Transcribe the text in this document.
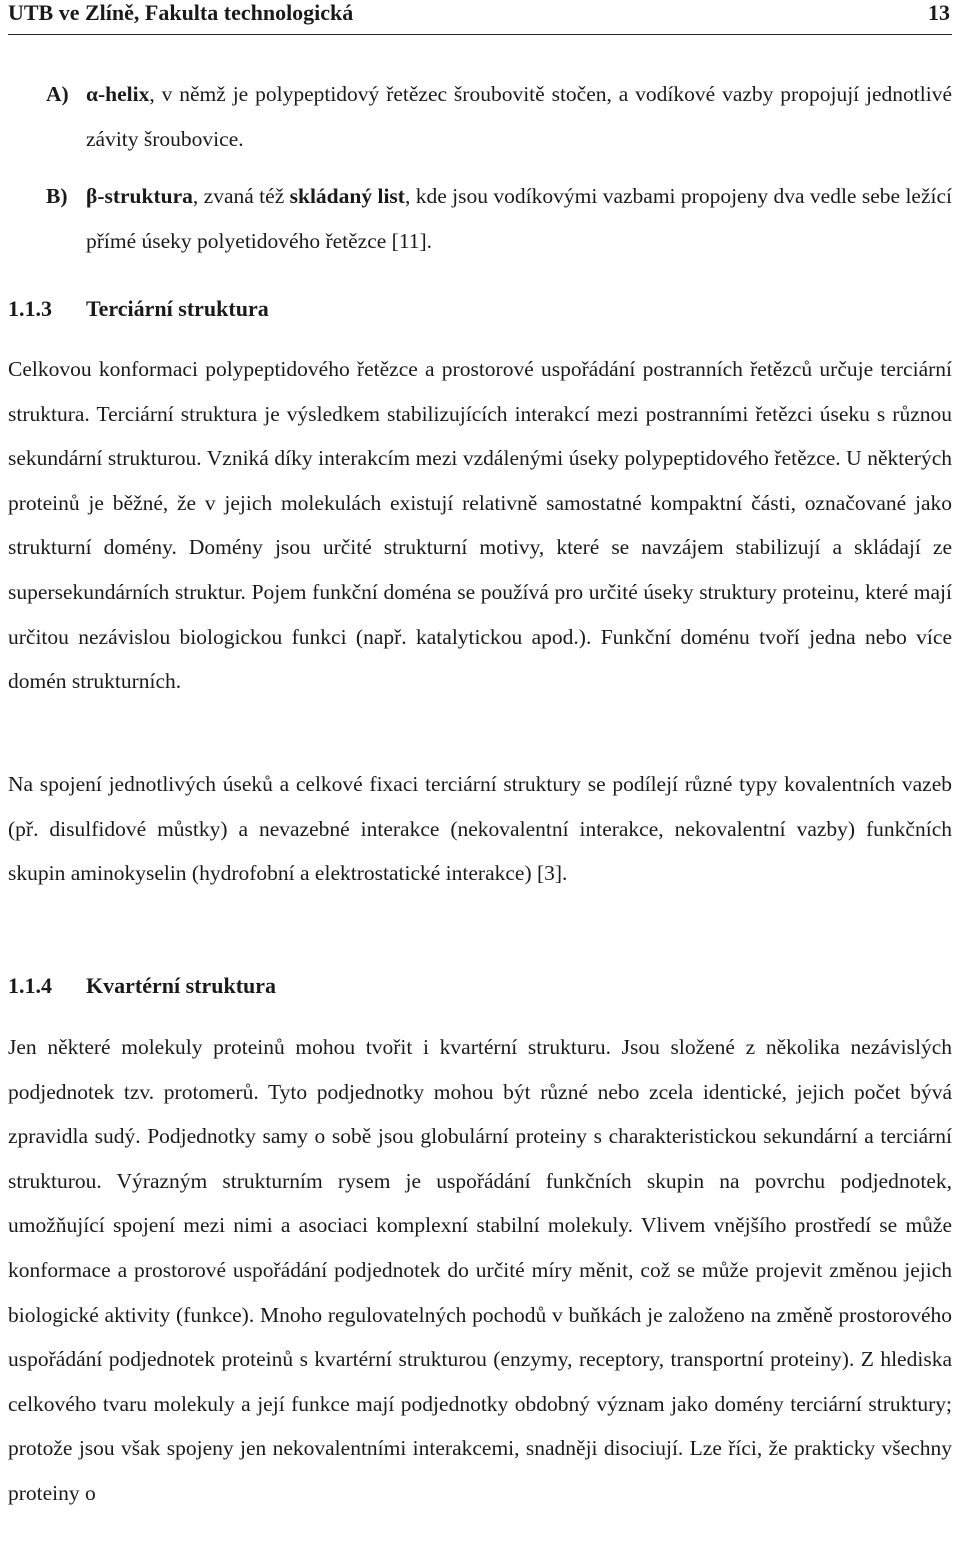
UTB ve Zlíně, Fakulta technologická	13
A) α-helix, v němž je polypeptidový řetězec šroubovitě stočen, a vodíkové vazby propojují jednotlivé závity šroubovice.
B) β-struktura, zvaná též skládaný list, kde jsou vodíkovými vazbami propojeny dva vedle sebe ležící přímé úseky polyetidového řetězce [11].
1.1.3 Terciární struktura
Celkovou konformaci polypeptidového řetězce a prostorové uspořádání postranních řetězců určuje terciární struktura. Terciární struktura je výsledkem stabilizujících interakcí mezi postranními řetězci úseku s různou sekundární strukturou. Vzniká díky interakcím mezi vzdálenými úseky polypeptidového řetězce. U některých proteinů je běžné, že v jejich molekulách existují relativně samostatné kompaktní části, označované jako strukturní domény. Domény jsou určité strukturní motivy, které se navzájem stabilizují a skládají ze supersekundárních struktur. Pojem funkční doména se používá pro určité úseky struktury proteinu, které mají určitou nezávislou biologickou funkci (např. katalytickou apod.). Funkční doménu tvoří jedna nebo více domén strukturních.
Na spojení jednotlivých úseků a celkové fixaci terciární struktury se podílejí různé typy kovalentních vazeb (př. disulfidové můstky) a nevazebné interakce (nekovalentní interakce, nekovalentní vazby) funkčních skupin aminokyselin (hydrofobní a elektrostatické interakce) [3].
1.1.4 Kvartérní struktura
Jen některé molekuly proteinů mohou tvořit i kvartérní strukturu. Jsou složené z několika nezávislých podjednotek tzv. protomerů. Tyto podjednotky mohou být různé nebo zcela identické, jejich počet bývá zpravidla sudý. Podjednotky samy o sobě jsou globulární proteiny s charakteristickou sekundární a terciární strukturou. Výrazným strukturním rysem je uspořádání funkčních skupin na povrchu podjednotek, umožňující spojení mezi nimi a asociaci komplexní stabilní molekuly. Vlivem vnějšího prostředí se může konformace a prostorové uspořádání podjednotek do určité míry měnit, což se může projevit změnou jejich biologické aktivity (funkce). Mnoho regulovatelných pochodů v buňkách je založeno na změně prostorového uspořádání podjednotek proteinů s kvartérní strukturou (enzymy, receptory, transportní proteiny). Z hlediska celkového tvaru molekuly a její funkce mají podjednotky obdobný význam jako domény terciární struktury; protože jsou však spojeny jen nekovalentními interakcemi, snadněji disociují. Lze říci, že prakticky všechny proteiny o
